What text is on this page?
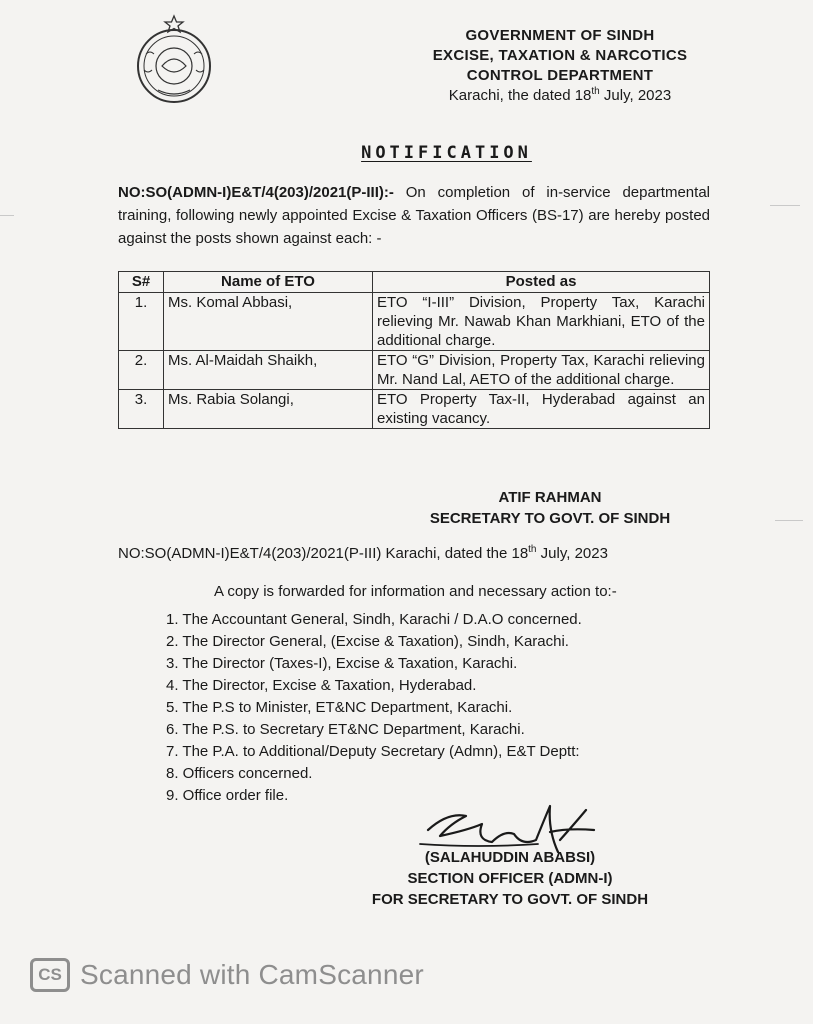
GOVERNMENT OF SINDH
EXCISE, TAXATION & NARCOTICS
CONTROL DEPARTMENT
Karachi, the dated 18th July, 2023
NOTIFICATION
NO:SO(ADMN-I)E&T/4(203)/2021(P-III):- On completion of in-service departmental training, following newly appointed Excise & Taxation Officers (BS-17) are hereby posted against the posts shown against each: -
S#	Name of ETO	Posted as
1.	Ms. Komal Abbasi,	ETO “I-III” Division, Property Tax, Karachi relieving Mr. Nawab Khan Markhiani, ETO of the additional charge.
2.	Ms. Al-Maidah Shaikh,	ETO “G” Division, Property Tax, Karachi relieving Mr. Nand Lal, AETO of the additional charge.
3.	Ms. Rabia Solangi,	ETO Property Tax-II, Hyderabad against an existing vacancy.
ATIF RAHMAN
SECRETARY TO GOVT. OF SINDH
NO:SO(ADMN-I)E&T/4(203)/2021(P-III) Karachi, dated the 18th July, 2023
A copy is forwarded for information and necessary action to:-
1. The Accountant General, Sindh, Karachi / D.A.O concerned.
2. The Director General, (Excise & Taxation), Sindh, Karachi.
3. The Director (Taxes-I), Excise & Taxation, Karachi.
4. The Director, Excise & Taxation, Hyderabad.
5. The P.S to Minister, ET&NC Department, Karachi.
6. The P.S. to Secretary ET&NC Department, Karachi.
7. The P.A. to Additional/Deputy Secretary (Admn), E&T Deptt:
8. Officers concerned.
9. Office order file.
(SALAHUDDIN ABABSI)
SECTION OFFICER (ADMN-I)
FOR SECRETARY TO GOVT. OF SINDH
CS Scanned with CamScanner
